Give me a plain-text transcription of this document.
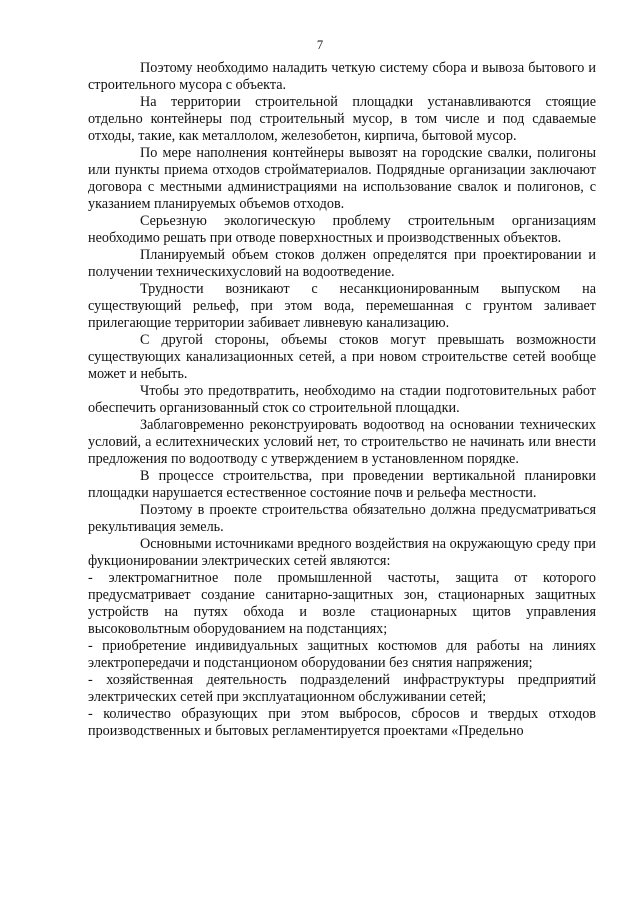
7

Поэтому необходимо наладить четкую систему сбора и вывоза бытового и строительного мусора с объекта.

На территории строительной площадки устанавливаются стоящие отдельно контейнеры под строительный мусор, в том числе и под сдаваемые отходы, такие, как металлолом, железобетон, кирпича, бытовой мусор.

По мере наполнения контейнеры вывозят на городские свалки, полигоны или пункты приема отходов стройматериалов. Подрядные организации заключают договора с местными администрациями на использование свалок и полигонов, с указанием планируемых объемов отходов.

Серьезную экологическую проблему строительным организациям необходимо решать при отводе поверхностных и производственных объектов.

Планируемый объем стоков должен определятся при проектировании и получении техническихусловий на водоотведение.

Трудности возникают с несанкционированным выпуском на существующий рельеф, при этом вода, перемешанная с грунтом заливает прилегающие территории забивает ливневую канализацию.

С другой стороны, объемы стоков могут превышать возможности существующих канализационных сетей, а при новом строительстве сетей вообще может и небыть.

Чтобы это предотвратить, необходимо на стадии подготовительных работ обеспечить организованный сток со строительной площадки.

Заблаговременно реконструировать водоотвод на основании технических условий, а еслитехнических условий нет, то строительство не начинать или внести предложения по водоотводу с утверждением в установленном порядке.

В процессе строительства, при проведении вертикальной планировки площадки нарушается естественное состояние почв и рельефа местности.

Поэтому в проекте строительства обязательно должна предусматриваться рекультивация земель.

Основными источниками вредного воздействия на окружающую среду при фукционировании электрических сетей являются:

- электромагнитное поле промышленной частоты, защита от которого предусматривает создание санитарно-защитных зон, стационарных защитных устройств на путях обхода и возле стационарных щитов управления высоковольтным оборудованием на подстанциях;

- приобретение индивидуальных защитных костюмов для работы на линиях электропередачи и подстанционом оборудовании без снятия напряжения;

- хозяйственная деятельность подразделений инфраструктуры предприятий электрических сетей при эксплуатационном обслуживании сетей;

- количество образующих при этом выбросов, сбросов и твердых отходов производственных и бытовых регламентируется проектами «Предельно
